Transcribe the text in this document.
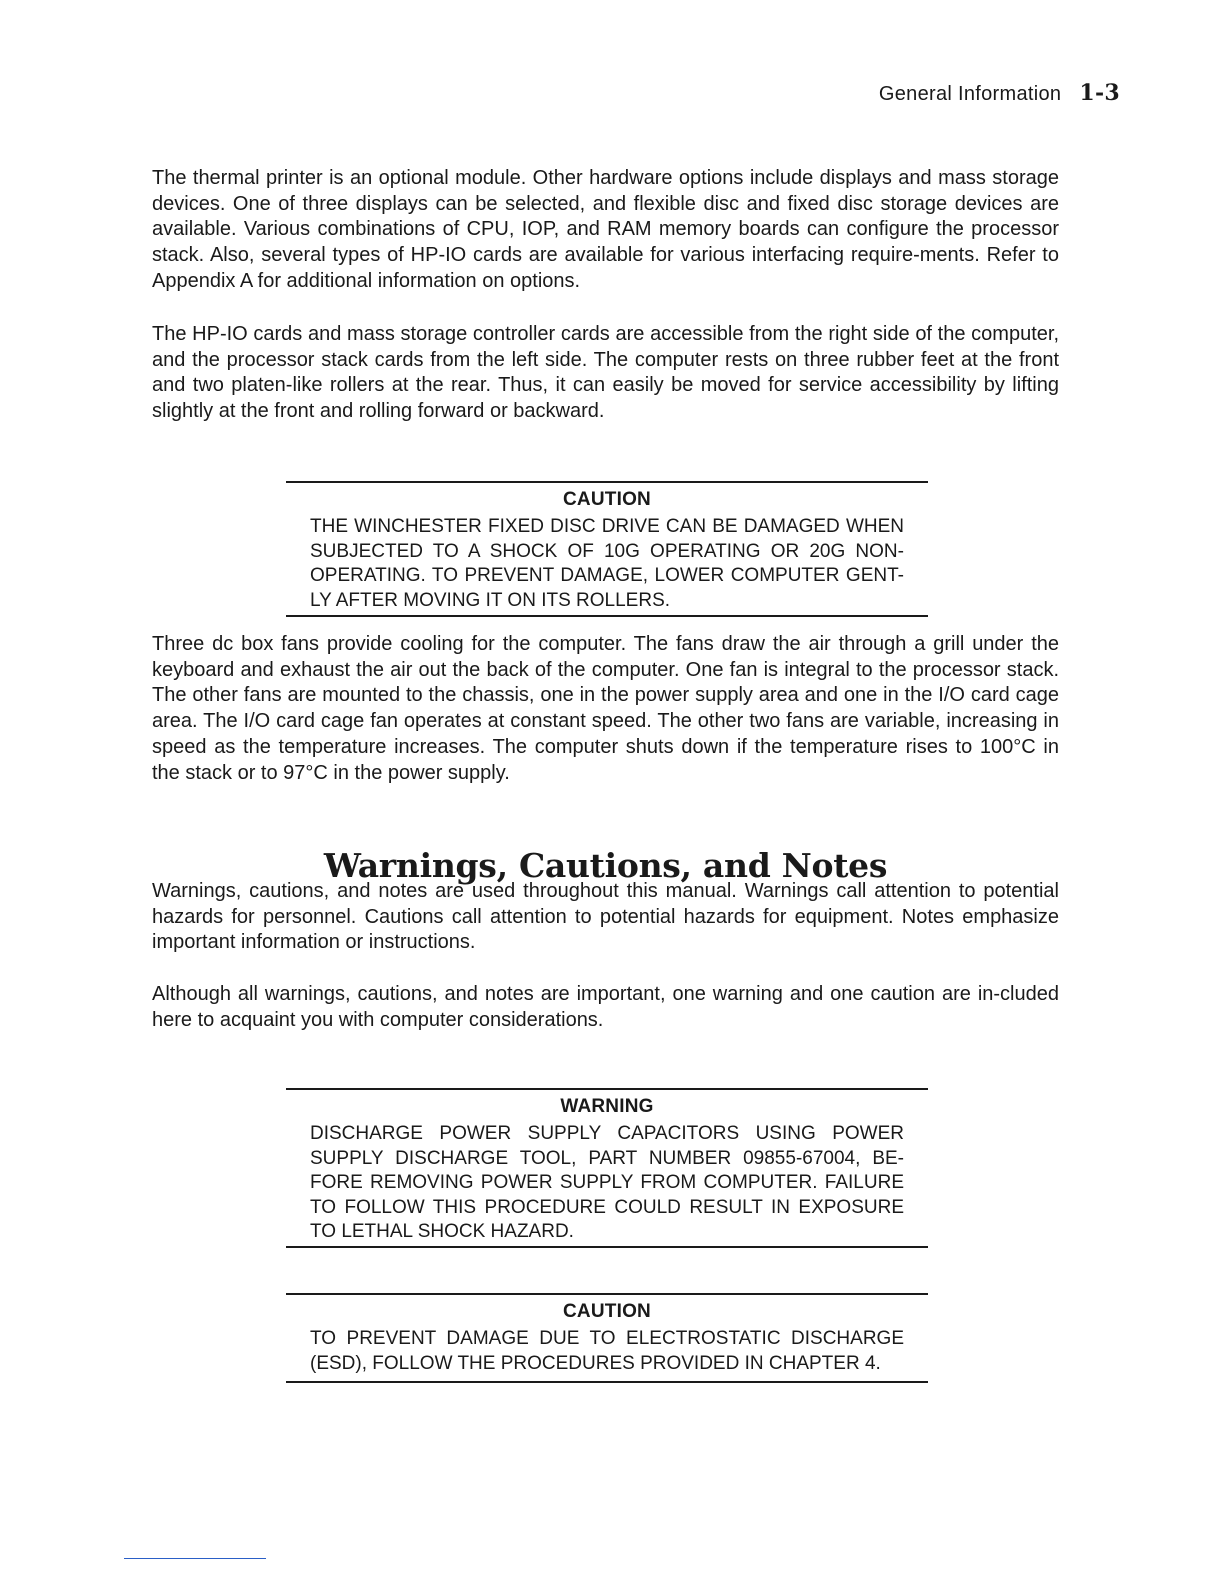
General Information 1-3

The thermal printer is an optional module. Other hardware options include displays and mass storage devices. One of three displays can be selected, and flexible disc and fixed disc storage devices are available. Various combinations of CPU, IOP, and RAM memory boards can configure the processor stack. Also, several types of HP-IO cards are available for various interfacing require-ments. Refer to Appendix A for additional information on options.

The HP-IO cards and mass storage controller cards are accessible from the right side of the computer, and the processor stack cards from the left side. The computer rests on three rubber feet at the front and two platen-like rollers at the rear. Thus, it can easily be moved for service accessibility by lifting slightly at the front and rolling forward or backward.

CAUTION
THE WINCHESTER FIXED DISC DRIVE CAN BE DAMAGED WHEN SUBJECTED TO A SHOCK OF 10G OPERATING OR 20G NON-OPERATING. TO PREVENT DAMAGE, LOWER COMPUTER GENT-LY AFTER MOVING IT ON ITS ROLLERS.

Three dc box fans provide cooling for the computer. The fans draw the air through a grill under the keyboard and exhaust the air out the back of the computer. One fan is integral to the processor stack. The other fans are mounted to the chassis, one in the power supply area and one in the I/O card cage area. The I/O card cage fan operates at constant speed. The other two fans are variable, increasing in speed as the temperature increases. The computer shuts down if the temperature rises to 100°C in the stack or to 97°C in the power supply.

Warnings, Cautions, and Notes

Warnings, cautions, and notes are used throughout this manual. Warnings call attention to potential hazards for personnel. Cautions call attention to potential hazards for equipment. Notes emphasize important information or instructions.

Although all warnings, cautions, and notes are important, one warning and one caution are in-cluded here to acquaint you with computer considerations.

WARNING
DISCHARGE POWER SUPPLY CAPACITORS USING POWER SUPPLY DISCHARGE TOOL, PART NUMBER 09855-67004, BE-FORE REMOVING POWER SUPPLY FROM COMPUTER. FAILURE TO FOLLOW THIS PROCEDURE COULD RESULT IN EXPOSURE TO LETHAL SHOCK HAZARD.
CAUTION
TO PREVENT DAMAGE DUE TO ELECTROSTATIC DISCHARGE (ESD), FOLLOW THE PROCEDURES PROVIDED IN CHAPTER 4.
